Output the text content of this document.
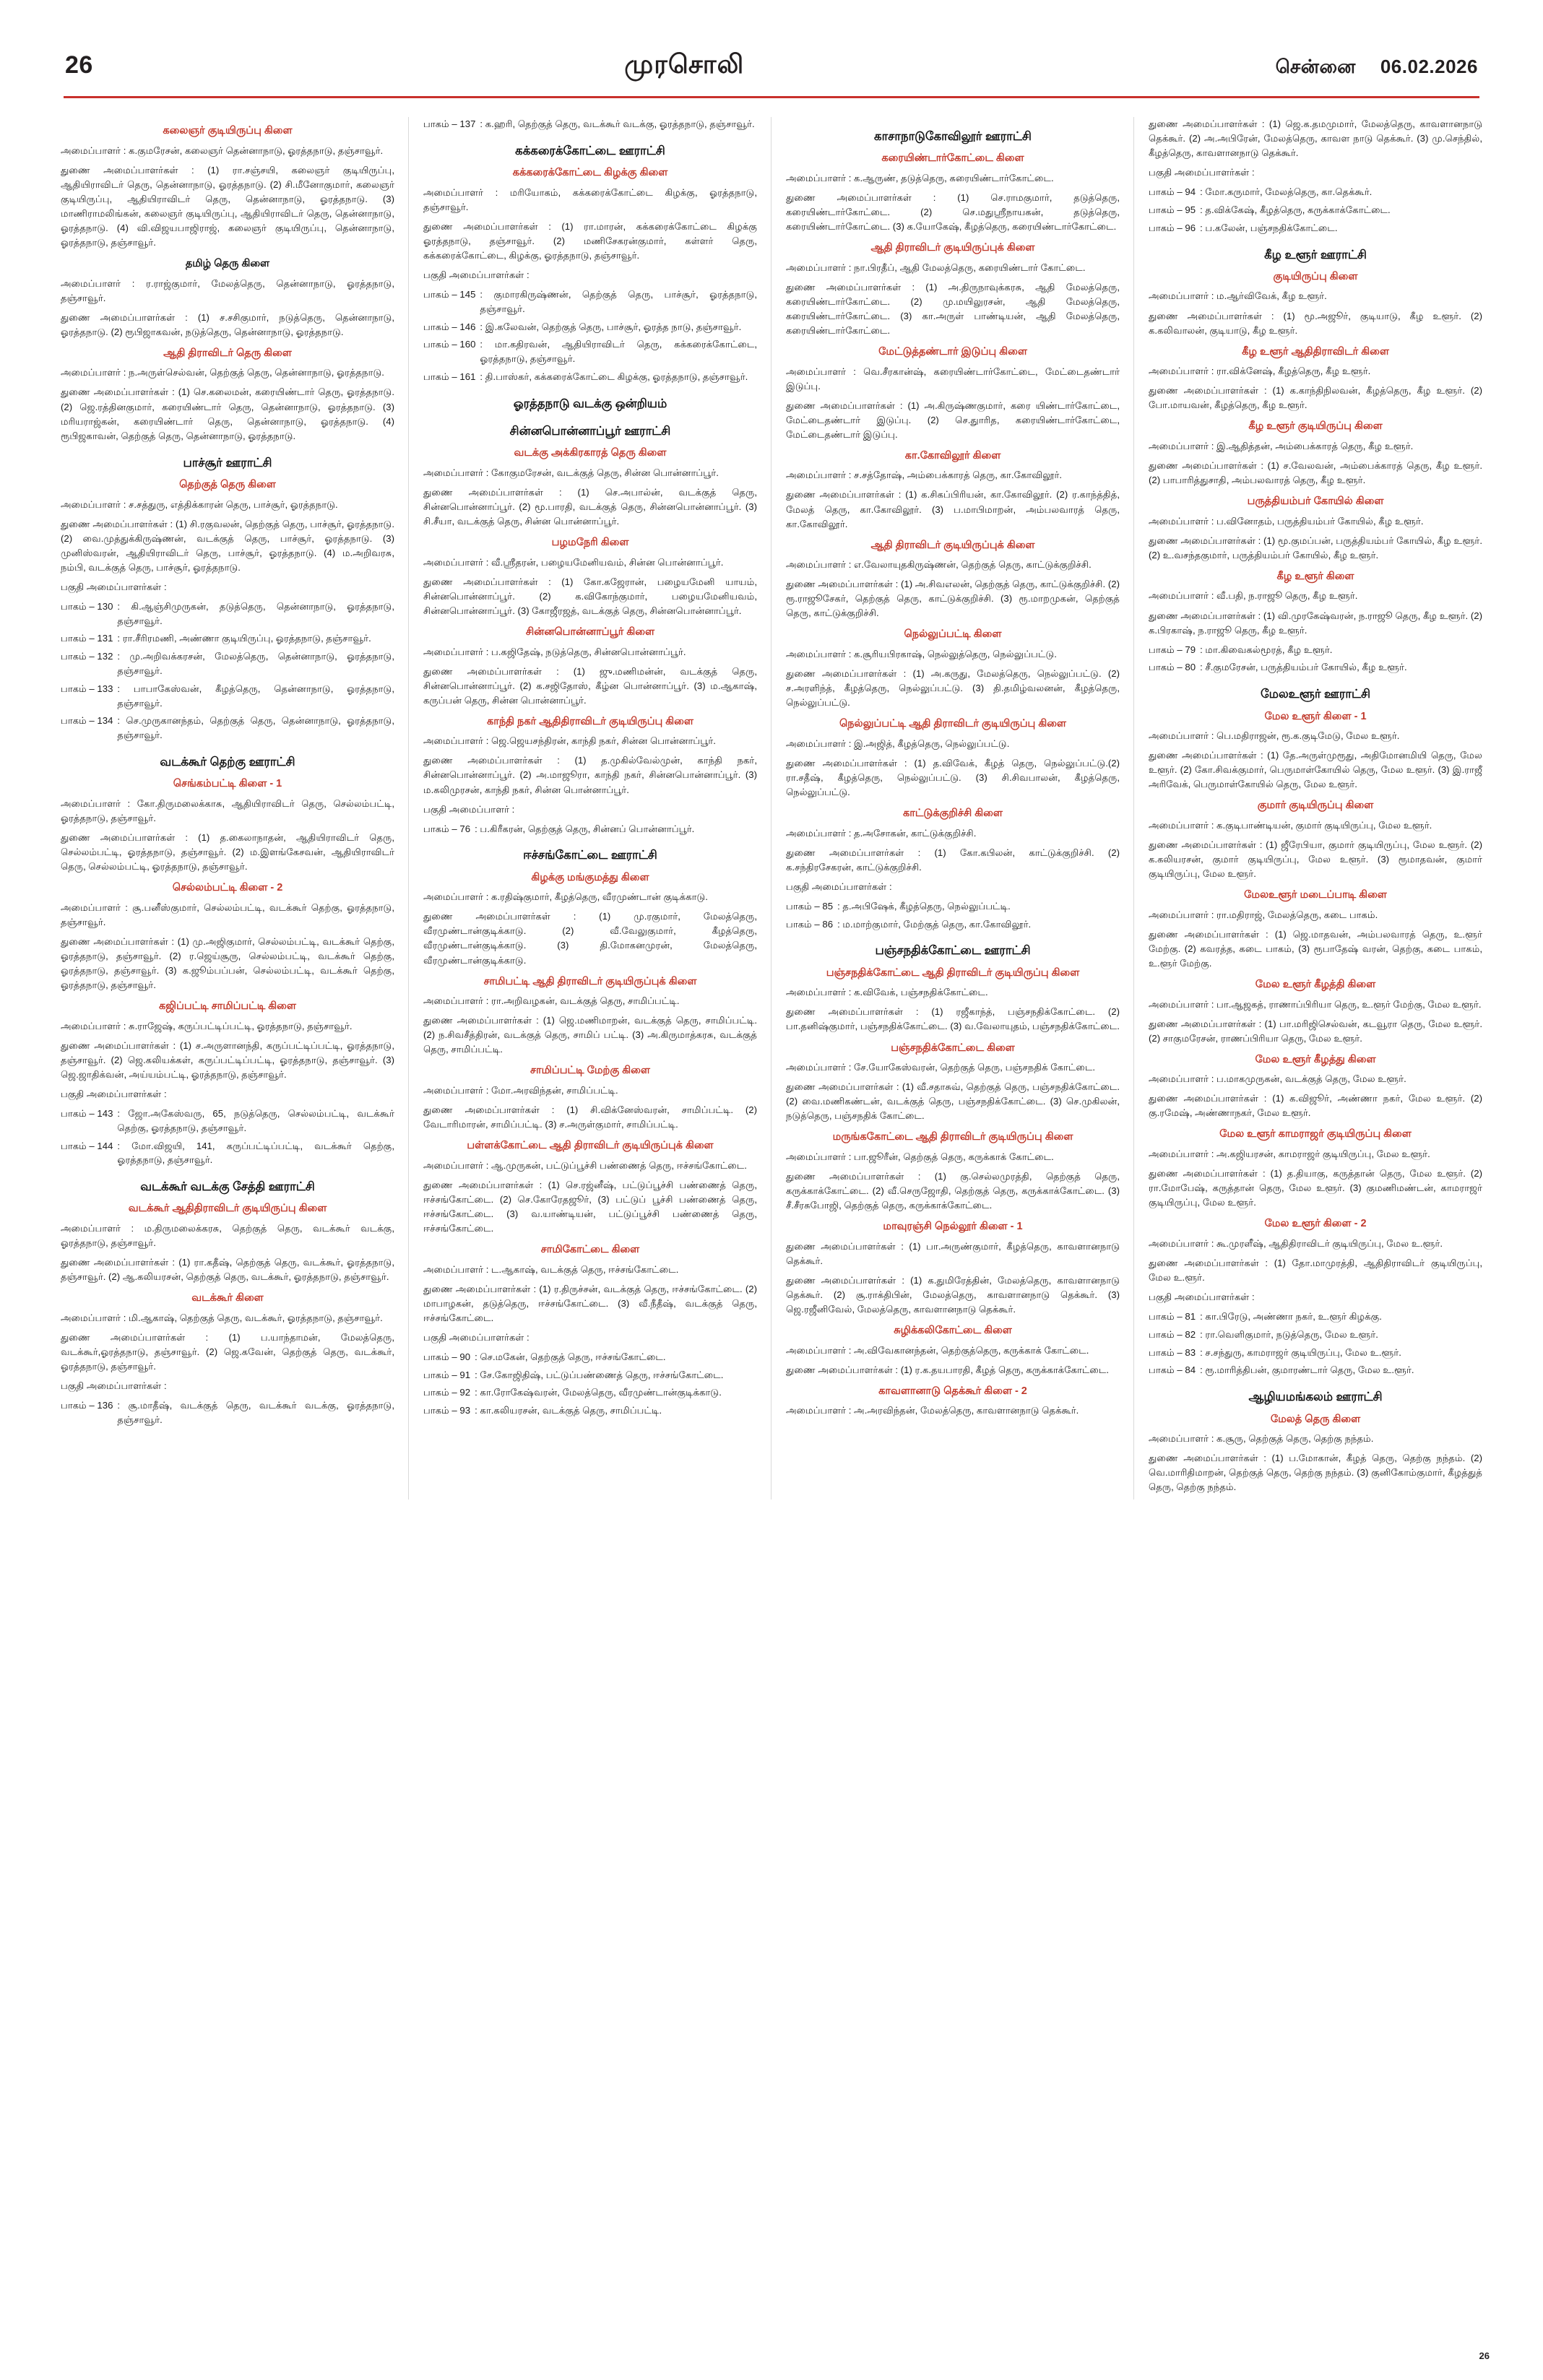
26	முரசொலி	சென்னை 06.02.2026
கலைஞர் குடியிருப்பு கிளை

அமைப்பாளர் : க.குமரேசன், கலைஞர் தென்னாநாடு, ஓரத்தநாடு, தஞ்சாவூர்.

துணை அமைப்பாளர்கள் : (1) ரா.சஞ்சயி, கலைஞர் குடியிருப்பு, ஆதியிராவிடர் தெரு, தென்னாநாடு, ஓரத்தநாடு. (2) சி.மீனோகுமார், கலைஞர் குடியிருப்பு, ஆதியிராவிடர் தெரு, தென்னாநாடு, ஓரத்தநாடு. (3) மாணிராமலிங்கன், கலைஞர் குடியிருப்பு, ஆதியிராவிடர் தெரு, தென்னாநாடு, ஓரத்தநாடு. (4) வி.விஜயபாஜிராஜ், கலைஞர் குடியிருப்பு, தென்னாநாடு, ஓரத்தநாடு, தஞ்சாவூர்.

தமிழ் தெரு கிளை

அமைப்பாளர் : ர.ராஜ்குமார், மேலத்தெரு, தென்னாநாடு, ஓரத்தநாடு, தஞ்சாவூர்.

துணை அமைப்பாளர்கள் : (1) ச.சசிகுமார், நடுத்தெரு, தென்னாநாடு, ஓரத்தநாடு. (2) ரூபிஜாகவன், நடுத்தெரு, தென்னாநாடு, ஓரத்தநாடு.

ஆதி திராவிடர் தெரு கிளை

அமைப்பாளர் : ந.அருள்செல்வன், தெற்குத் தெரு, தென்னாநாடு, ஓரத்தநாடு.

துணை அமைப்பாளர்கள் : (1) செ.கலைமன், கரையிண்டார் தெரு, ஓரத்தநாடு. (2) ஜெ.ரத்தினகுமார், கரையிண்டார் தெரு, தென்னாநாடு, ஓரத்தநாடு. (3) மரியராஜ்கன், கரையிண்டார் தெரு, தென்னாநாடு, ஓரத்தநாடு. (4) ரூபிஜகாவன், தெற்குத் தெரு, தென்னாநாடு, ஓரத்தநாடு.

பாச்சூர் ஊராட்சி
தெற்குத் தெரு கிளை

அமைப்பாளர் : ச.சத்துரு, எத்திக்காரன் தெரு, பாச்சூர், ஓரத்தநாடு.

துணை அமைப்பாளர்கள் : (1) சி.ரகுவலன், தெற்குத் தெரு, பாச்சூர், ஓரத்தநாடு. (2) வை.முத்துக்கிருஷ்ணன், வடக்குத் தெரு, பாச்சூர், ஓரத்தநாடு. (3) முனிஸ்வரன், ஆதியிராவிடர் தெரு, பாச்சூர், ஓரத்தநாடு. (4) ம.அறிவரசு, நம்பி, வடக்குத் தெரு, பாச்சூர், ஓரத்தநாடு.

பகுதி அமைப்பாளர்கள் :

பாகம் – 130 : கி.ஆஞ்சிமுருகன், தடுத்தெரு, தென்னாநாடு, ஓரத்தநாடு, தஞ்சாவூர்.
பாகம் – 131 : ரா.சீரிரமணி, அண்ணா குடியிருப்பு, ஓரத்தநாடு, தஞ்சாவூர்.
பாகம் – 132 : மு.அறிவக்கரசன், மேலத்தெரு, தென்னாநாடு, ஓரத்தநாடு, தஞ்சாவூர்.
பாகம் – 133 : பாபாகேஸ்வன், கீழத்தெரு, தென்னாநாடு, ஓரத்தநாடு, தஞ்சாவூர்.
பாகம் – 134 : செ.முருகானந்தம், தெற்குத் தெரு, தென்னாநாடு, ஓரத்தநாடு, தஞ்சாவூர்.
வடக்கூர் தெற்கு ஊராட்சி
செங்கம்பட்டி கிளை - 1

அமைப்பாளர் : கோ.திருமலைக்காசு, ஆதியிராவிடர் தெரு, செல்லம்பட்டி, ஓரத்தநாடு, தஞ்சாவூர்.

துணை அமைப்பாளர்கள் : (1) த.கைலாநாதன், ஆதியிராவிடர் தெரு, செல்லம்பட்டி, ஓரத்தநாடு, தஞ்சாவூர். (2) ம.இளங்கேசவன், ஆதியிராவிடர் தெரு, செல்லம்பட்டி, ஓரத்தநாடு, தஞ்சாவூர்.

செல்லம்பட்டி கிளை - 2

அமைப்பாளர் : சூ.பனீஸ்குமார், செல்லம்பட்டி, வடக்கூர் தெற்கு, ஓரத்தநாடு, தஞ்சாவூர்.

துணை அமைப்பாளர்கள் : (1) மு.அஜிகுமார், செல்லம்பட்டி, வடக்கூர் தெற்கு, ஓரத்தநாடு, தஞ்சாவூர். (2) ர.ஜெய்சூரு, செல்லம்பட்டி, வடக்கூர் தெற்கு, ஓரத்தநாடு, தஞ்சாவூர். (3) க.ஜூம்பப்பன், செல்லம்பட்டி, வடக்கூர் தெற்கு, ஓரத்தநாடு, தஞ்சாவூர்.

கஜிப்பட்டி சாமிப்பட்டி கிளை

அமைப்பாளர் : சு.ராஜேஷ், கருப்பட்டிப்பட்டி, ஓரத்தநாடு, தஞ்சாவூர்.

துணை அமைப்பாளர்கள் : (1) ச.அருளானந்தி, கருப்பட்டிப்பட்டி, ஓரத்தநாடு, தஞ்சாவூர். (2) ஜெ.கலியக்கள், கருப்பட்டிப்பட்டி, ஓரத்தநாடு, தஞ்சாவூர். (3) ஜெ.ஜாதிக்வன், அய்யம்பட்டி, ஓரத்தநாடு, தஞ்சாவூர்.

பகுதி அமைப்பாளர்கள் :

பாகம் – 143 : ஜோ.அகேஸ்வரு, 65, நடுத்தெரு, செல்லம்பட்டி, வடக்கூர் தெற்கு, ஓரத்தநாடு, தஞ்சாவூர்.
பாகம் – 144 : மோ.விஜயி, 141, கருப்பட்டிப்பட்டி, வடக்கூர் தெற்கு, ஓரத்தநாடு, தஞ்சாவூர்.
வடக்கூர் வடக்கு சேத்தி ஊராட்சி
வடக்கூர் ஆதிதிராவிடர் குடியிருப்பு கிளை

அமைப்பாளர் : ம.திருமலைக்கரசு, தெற்குத் தெரு, வடக்கூர் வடக்கு, ஓரத்தநாடு, தஞ்சாவூர்.

துணை அமைப்பாளர்கள் : (1) ரா.கதீஷ், தெற்குத் தெரு, வடக்கூர், ஓரத்தநாடு, தஞ்சாவூர். (2) ஆ.கலியரசன், தெற்குத் தெரு, வடக்கூர், ஓரத்தநாடு, தஞ்சாவூர்.

வடக்கூர் கிளை

அமைப்பாளர் : மி.ஆகாஷ், தெற்குத் தெரு, வடக்கூர், ஓரத்தநாடு, தஞ்சாவூர்.

துணை அமைப்பாளர்கள் : (1) ப.யாந்தாமன், மேலத்தெரு, வடக்கூர்,ஓரத்தநாடு, தஞ்சாவூர். (2) ஜெ.கவேன், தெற்குத் தெரு, வடக்கூர், ஓரத்தநாடு, தஞ்சாவூர்.

பகுதி அமைப்பாளர்கள் :

பாகம் – 136 : சூ.மாதீஷ், வடக்குத் தெரு, வடக்கூர் வடக்கு, ஓரத்தநாடு, தஞ்சாவூர்.
பாகம் – 137 : க.ஹரி, தெற்குத் தெரு, வடக்கூர் வடக்கு, ஓரத்தநாடு, தஞ்சாவூர்.
கக்கரைக்கோட்டை ஊராட்சி
கக்கரைக்கோட்டை கிழக்கு கிளை

அமைப்பாளர் : மரியோகம், கக்கரைக்கோட்டை கிழக்கு, ஓரத்தநாடு, தஞ்சாவூர்.

துணை அமைப்பாளர்கள் : (1) ரா.மாரன், கக்கரைக்கோட்டை கிழக்கு ஓரத்தநாடு, தஞ்சாவூர். (2) மணிசேகரன்குமார், கள்ளர் தெரு, கக்கரைக்கோட்டை, கிழக்கு, ஓரத்தநாடு, தஞ்சாவூர்.

பகுதி அமைப்பாளர்கள் :

பாகம் – 145 : குமாரகிருஷ்ணன், தெற்குத் தெரு, பாச்சூர், ஓரத்தநாடு, தஞ்சாவூர்.
பாகம் – 146 : இ.கலேவன், தெற்குத் தெரு, பாச்சூர், ஓரத்த நாடு, தஞ்சாவூர்.
பாகம் – 160 : மா.கதிரவன், ஆதியிராவிடர் தெரு, கக்கரைக்கோட்டை, ஓரத்தநாடு, தஞ்சாவூர்.
பாகம் – 161 : தி.பாஸ்கர், கக்கரைக்கோட்டை கிழக்கு, ஓரத்தநாடு, தஞ்சாவூர்.
ஓரத்தநாடு வடக்கு ஒன்றியம்
சின்னபொன்னாப்பூர் ஊராட்சி
வடக்கு அக்கிரகாரத் தெரு கிளை

அமைப்பாளர் : கோகுமரேசன், வடக்குத் தெரு, சின்ன பொன்னாப்பூர்.

துணை அமைப்பாளர்கள் : (1) செ.அபால்ன், வடக்குத் தெரு, சின்னபொன்னாப்பூர். (2) மூ.பாரதி, வடக்குத் தெரு, சின்னபொன்னாப்பூர். (3) சி.சீயா, வடக்குத் தெரு, சின்ன பொன்னாப்பூர்.

பழமநேரி கிளை

அமைப்பாளர் : வீ.ஸ்ரீதரன், பழையமேனியவம், சின்ன பொன்னாப்பூர்.

துணை அமைப்பாளர்கள் : (1) கோ.கஜேரான், பழையமேனி யாயம், சின்னபொன்னாப்பூர். (2) க.விகோந்குமார், பழையமேனியவம், சின்னபொன்னாப்பூர். (3) கோஜீரஜத், வடக்குத் தெரு, சின்னபொன்னாப்பூர்.

சின்னபொன்னாப்பூர் கிளை

அமைப்பாளர் : ப.கஜிதேஷ், நடுத்தெரு, சின்னபொன்னாப்பூர்.

துணை அமைப்பாளர்கள் : (1) ஜு.மணிமன்ன், வடக்குத் தெரு, சின்னபொன்னாப்பூர். (2) க.சஜிதோஸ், கீழ்ன பொன்னாப்பூர். (3) ம.ஆகாஷ், கருப்பன் தெரு, சின்ன பொன்னாப்பூர்.

காந்தி நகர் ஆதிதிராவிடர் குடியிருப்பு கிளை

அமைப்பாளர் : ஜெ.ஜெயசந்திரன், காந்தி நகர், சின்ன பொன்னாப்பூர்.

துணை அமைப்பாளர்கள் : (1) த.முகில்வேல்முன், காந்தி நகர், சின்னபொன்னாப்பூர். (2) அ.மாஜூரா, காந்தி நகர், சின்னபொன்னாப்பூர். (3) ம.கலிமுரசன், காந்தி நகர், சின்ன பொன்னாப்பூர்.

பகுதி அமைப்பாளர் :

பாகம் – 76 : ப.கிரீகரன், தெற்குத் தெரு, சின்னப் பொன்னாப்பூர்.
ஈச்சங்கோட்டை ஊராட்சி
கிழக்கு மங்குமத்து கிளை

அமைப்பாளர் : க.ரதிஷ்குமார், கீழத்தெரு, வீரமுண்டான் குடிக்காடு.

துணை அமைப்பாளர்கள் : (1) மு.ரகுமார், மேலத்தெரு, வீரமுண்டான்குடிக்காடு. (2) வீ.வேலுகுமார், கீழத்தெரு, வீரமுண்டான்குடிக்காடு. (3) தி.மோகனமுரன், மேலத்தெரு, வீரமுண்டான்குடிக்காடு.

சாமிபட்டி ஆதி திராவிடர் குடியிருப்புக் கிளை

அமைப்பாளர் : ரா.அறிவழகன், வடக்குத் தெரு, சாமிப்பட்டி.

துணை அமைப்பாளர்கள் : (1) ஜெ.மணிமாறன், வடக்குத் தெரு, சாமிப்பட்டி. (2) ந.சிவசீத்திரன், வடக்குத் தெரு, சாமிப் பட்டி. (3) அ.கிருமாத்கரசு, வடக்குத் தெரு, சாமிப்பட்டி.

சாமிப்பட்டி மேற்கு கிளை

அமைப்பாளர் : மோ.அரவிந்தன், சாமிப்பட்டி.

துணை அமைப்பாளர்கள் : (1) சி.விக்னேஸ்வரன், சாமிப்பட்டி. (2) வேடாரிமாரன், சாமிப்பட்டி. (3) ச.அருள்குமார், சாமிப்பட்டி.

பள்ளக்கோட்டை ஆதி திராவிடர் குடியிருப்புக் கிளை

அமைப்பாளர் : ஆ.முருகன், பட்டுப்பூச்சி பண்ணைத் தெரு, ஈச்சங்கோட்டை.

துணை அமைப்பாளர்கள் : (1) செ.ரஜ்னீஷ், பட்டுப்பூச்சி பண்ணைத் தெரு, ஈச்சங்கோட்டை. (2) செ.கோரேதஜூர், (3) பட்டுப் பூச்சி பண்ணைத் தெரு, ஈச்சங்கோட்டை. (3) வ.யாண்டியன், பட்டுப்பூச்சி பண்ணைத் தெரு, ஈச்சங்கோட்டை.

சாமிகோட்டை கிளை

அமைப்பாளர் : ட.ஆகாஷ், வடக்குத் தெரு, ஈச்சங்கோட்டை.

துணை அமைப்பாளர்கள் : (1) ர.திருச்சன், வடக்குத் தெரு, ஈச்சங்கோட்டை. (2) மாபாழகன், தடுத்தெரு, ஈச்சங்கோட்டை. (3) வீ.நீதீஷ், வடக்குத் தெரு, ஈச்சங்கோட்டை.

பகுதி அமைப்பாளர்கள் :

பாகம் – 90 : செ.மகேன், தெற்குத் தெரு, ஈச்சங்கோட்டை.
பாகம் – 91 : சே.கோஜிதிஷ், பட்டுப்பண்ணைத் தெரு, ஈச்சங்கோட்டை.
பாகம் – 92 : கா.ரோகேஷ்வரன், மேலத்தெரு, வீரமுண்டான்குடிக்காடு.
பாகம் – 93 : கா.கலியரசன், வடக்குத் தெரு, சாமிப்பட்டி.
காசாநாடுகோவிலூர் ஊராட்சி
கரையிண்டார்கோட்டை கிளை

அமைப்பாளர் : க.ஆருண், தடுத்தெரு, கரையிண்டார்கோட்டை.

துணை அமைப்பாளர்கள் : (1) செ.ராமகுமார், தடுத்தெரு, கரையிண்டார்கோட்டை. (2) செ.மதுஸ்ரீநாயகன், தடுத்தெரு, கரையிண்டார்கோட்டை. (3) க.யோகேஷ், கீழத்தெரு, கரையிண்டார்கோட்டை.

ஆதி திராவிடர் குடியிருப்புக் கிளை

அமைப்பாளர் : நா.பிரதீப், ஆதி மேலத்தெரு, கரையிண்டார் கோட்டை.

துணை அமைப்பாளர்கள் : (1) அ.திருநாவுக்கரசு, ஆதி மேலத்தெரு, கரையிண்டார்கோட்டை. (2) மு.மயிலுரசன், ஆதி மேலத்தெரு, கரையிண்டார்கோட்டை. (3) கா.அருள் பாண்டியன், ஆதி மேலத்தெரு, கரையிண்டார்கோட்டை.

மேட்டுத்தண்டார் இடுப்பு கிளை

அமைப்பாளர் : வெ.சீரகான்ஷ், கரையிண்டார்கோட்டை, மேட்டைதண்டார் இடுப்பு.

துணை அமைப்பாளர்கள் : (1) அ.கிருஷ்ணகுமார், கரை யிண்டார்கோட்டை, மேட்டைதண்டார் இடுப்பு. (2) செ.துாரித, கரையிண்டார்கோட்டை, மேட்டைதண்டார் இடுப்பு.

கா.கோவிலூர் கிளை

அமைப்பாளர் : ச.சத்தோஷ், அம்பைக்காரத் தெரு, கா.கோவிலூர்.

துணை அமைப்பாளர்கள் : (1) க.சிகப்பிரியன், கா.கோவிலூர். (2) ர.காந்த்தித், மேலத் தெரு, கா.கோவிலூர். (3) ப.மாபிமாறன், அம்பலவாரத் தெரு, கா.கோவிலூர்.

ஆதி திராவிடர் குடியிருப்புக் கிளை

அமைப்பாளர் : எ.வேலாயுதகிருஷ்ணன், தெற்குத் தெரு, காட்டுக்குறிச்சி.

துணை அமைப்பாளர்கள் : (1) அ.சிவஎலன், தெற்குத் தெரு, காட்டுக்குறிச்சி. (2) ரூ.ராஜூசேகர், தெற்குத் தெரு, காட்டுக்குறிச்சி. (3) ரூ.மாறமுகன், தெற்குத் தெரு, காட்டுக்குறிச்சி.

நெல்லுப்பட்டி கிளை

அமைப்பாளர் : க.சூரியபிரகாஷ், நெல்லுத்தெரு, நெல்லுப்பட்டு.

துணை அமைப்பாளர்கள் : (1) அ.கருது, மேலத்தெரு, நெல்லுப்பட்டு. (2) ச.அரளிந்த், கீழத்தெரு, நெல்லுப்பட்டு. (3) தி.தமிழ்வலனன், கீழத்தெரு, நெல்லுப்பட்டு.

நெல்லுப்பட்டி ஆதி திராவிடர் குடியிருப்பு கிளை

அமைப்பாளர் : இ.அஜித், கீழத்தெரு, நெல்லுப்பட்டு.

துணை அமைப்பாளர்கள் : (1) த.விவேக், கீழத் தெரு, நெல்லுப்பட்டு.(2) ரா.சதீஷ், கீழத்தெரு, நெல்லுப்பட்டு. (3) சி.சிவபாலன், கீழத்தெரு, நெல்லுப்பட்டு.

காட்டுக்குறிச்சி கிளை

அமைப்பாளர் : த.அசோகன், காட்டுக்குறிச்சி.

துணை அமைப்பாளர்கள் : (1) கோ.கபிலன், காட்டுக்குறிச்சி. (2) க.சந்திரசேகரன், காட்டுக்குறிச்சி.

பகுதி அமைப்பாளர்கள் :

பாகம் – 85 : த.அபிஷேக், கீழத்தெரு, நெல்லுப்பட்டி.
பாகம் – 86 : ம.மாற்குமார், மேற்குத் தெரு, கா.கோவிலூர்.
பஞ்சநதிக்கோட்டை ஊராட்சி
பஞ்சநதிக்கோட்டை ஆதி திராவிடர் குடியிருப்பு கிளை

அமைப்பாளர் : க.விவேக், பஞ்சநதிக்கோட்டை.

துணை அமைப்பாளர்கள் : (1) ரஜீகாந்த், பஞ்சநதிக்கோட்டை. (2) பா.தனிஷ்குமார், பஞ்சநதிக்கோட்டை. (3) வ.வேலாயுதம், பஞ்சநதிக்கோட்டை.

பஞ்சநதிக்கோட்டை கிளை

அமைப்பாளர் : சே.யோகேஸ்வரன், தெற்குத் தெரு, பஞ்சநதிக் கோட்டை.

துணை அமைப்பாளர்கள் : (1) வீ.சதாசுவ், தெற்குத் தெரு, பஞ்சநதிக்கோட்டை. (2) வை.மணிகண்டன், வடக்குத் தெரு, பஞ்சநதிக்கோட்டை. (3) செ.முகிலன், நடுத்தெரு, பஞ்சநதிக் கோட்டை.

மருங்ககோட்டை ஆதி திராவிடர் குடியிருப்பு கிளை

அமைப்பாளர் : பா.ஜூரீன், தெற்குத் தெரு, கருக்காக் கோட்டை.

துணை அமைப்பாளர்கள் : (1) கு.செல்லமுரத்தி, தெற்குத் தெரு, கருக்காக்கோட்டை. (2) வீ.செருஜோதி, தெற்குத் தெரு, கருக்காக்கோட்டை. (3) சீ.சீரசுபோஜி, தெற்குத் தெரு, கருக்காக்கோட்டை.

மாவுரஞ்சி நெல்லூர் கிளை - 1

துணை அமைப்பாளர்கள் : (1) பா.அருண்குமார், கீழத்தெரு, காவளானநாடு தெக்கூர்.

துணை அமைப்பாளர்கள் : (1) க.துமிரேத்தின், மேலத்தெரு, காவளானநாடு தெக்கூர். (2) சூ.ராக்திபின், மேலத்தெரு, காவளானநாடு தெக்கூர். (3) ஜெ.ரஜீனிவேல், மேலத்தெரு, காவளானநாடு தெக்கூர்.

சுழிக்கலிகோட்டை கிளை

அமைப்பாளர் : அ.விவேகானந்தன், தெற்குத்தெரு, கருக்காக் கோட்டை.

துணை அமைப்பாளர்கள் : (1) ர.க.தயபாரதி, கீழத் தெரு, கருக்காக்கோட்டை.

காவளானாடு தெக்கூர் கிளை - 2

அமைப்பாளர் : அ.அரவிந்தன், மேலத்தெரு, காவளானநாடு தெக்கூர்.

துணை அமைப்பாளர்கள் : (1) ஜெ.க.தமமுமார், மேலத்தெரு, காவளானநாடு தெக்கூர். (2) அ.அபிரேன், மேலத்தெரு, காவள நாடு தெக்கூர். (3) மு.செந்தில், கீழத்தெரு, காவளானநாடு தெக்கூர்.

பகுதி அமைப்பாளர்கள் :

பாகம் – 94 : மோ.கருமார், மேலத்தெரு, கா.தெக்கூர்.
பாகம் – 95 : த.விக்கேஷ், கீழத்தெரு, கருக்காக்கோட்டை.
பாகம் – 96 : ப.கலேன், பஞ்சநதிக்கோட்டை.
கீழ உளூர் ஊராட்சி
குடியிருப்பு கிளை

அமைப்பாளர் : ம.ஆர்விவேக், கீழ உளூர்.

துணை அமைப்பாளர்கள் : (1) மூ.அஜூர், குடியாடு, கீழ உளூர். (2) க.கலிவாலன், குடியாடு, கீழ உளூர்.

கீழ உளூர் ஆதிதிராவிடர் கிளை

அமைப்பாளர் : ரா.விக்னேஷ், கீழத்தெரு, கீழ உளூர்.

துணை அமைப்பாளர்கள் : (1) க.காந்திநிலவன், கீழத்தெரு, கீழ உளூர். (2) போ.மாயவன், கீழத்தெரு, கீழ உளூர்.

கீழ உளூர் குடியிருப்பு கிளை

அமைப்பாளர் : இ.ஆதித்தன், அம்பைக்காரத் தெரு, கீழ உளூர்.

துணை அமைப்பாளர்கள் : (1) ச.வேலவன், அம்பைக்காரத் தெரு, கீழ உளூர். (2) பாபாரித்துசாதி, அம்பலவாரத் தெரு, கீழ உளூர்.

பருத்தியம்பர் கோயில் கிளை

அமைப்பாளர் : ப.வினோதம், பருத்தியம்பர் கோயில், கீழ உளூர்.

துணை அமைப்பாளர்கள் : (1) மூ.குமப்பன், பருத்தியம்பர் கோயில், கீழ உளூர். (2) உ.வசந்தகுமார், பருத்தியம்பர் கோயில், கீழ உளூர்.

கீழ உளூர் கிளை

அமைப்பாளர் : வீ.பதி, ந.ராஜூ தெரு, கீழ உளூர்.

துணை அமைப்பாளர்கள் : (1) வி.முரகேஷ்வரன், ந.ராஜூ தெரு, கீழ உளூர். (2) க.பிரகாஷ், ந.ராஜூ தெரு, கீழ உளூர்.

பாகம் – 79 : மா.கிவைகல்மூரத், கீழ உளூர்.
பாகம் – 80 : சீ.குமரேசன், பருத்தியம்பர் கோயில், கீழ உளூர்.
மேலஉளூர் ஊராட்சி
மேல உளூர் கிளை - 1

அமைப்பாளர் : பெ.மதிராஜன், ரூ.க.குடிமேடு, மேல உளூர்.

துணை அமைப்பாளர்கள் : (1) தே.அருள்முரூது, அதிமோனமியி தெரு, மேல உளூர். (2) கோ.சிவக்குமார், பெருமாள்கோயில் தெரு, மேல உளூர். (3) இ.ராஜீ அரிவேக், பெருமாள்கோயில் தெரு, மேல உளூர்.

குமார் குடியிருப்பு கிளை

அமைப்பாளர் : க.குடிபாண்டியன், குமார் குடியிருப்பு, மேல உளூர்.

துணை அமைப்பாளர்கள் : (1) ஜீரேபியா, குமார் குடியிருப்பு, மேல உளூர். (2) க.கலியரசன், குமார் குடியிருப்பு, மேல உளூர். (3) ரூமாதவன், குமார் குடியிருப்பு, மேல உளூர்.

மேலஉளூர் மடைப்பாடி கிளை

அமைப்பாளர் : ரா.மதிராஜ், மேலத்தெரு, கடை பாகம்.

துணை அமைப்பாளர்கள் : (1) ஜெ.மாதவன், அம்பலவாரத் தெரு, உ.ளூர் மேற்கு. (2) கவரத்த, கடை பாகம், (3) ரூபாதேஷ் வரன், தெற்கு, கடை பாகம், உ.ளூர் மேற்கு.

மேல உளூர் கீழத்தி கிளை

அமைப்பாளர் : பா.ஆஜகத், ராணாப்பிரியா தெரு, உ.ளூர் மேற்கு, மேல உளூர்.

துணை அமைப்பாளர்கள் : (1) பா.மரிஜிசெல்வன், கடவூரா தெரு, மேல உளூர். (2) சாகுமரேசன், ராணப்பிரியா தெரு, மேல உளூர்.

மேல உளூர் கீழத்து கிளை

அமைப்பாளர் : ப.மாகமுருகன், வடக்குத் தெரு, மேல உளூர்.

துணை அமைப்பாளர்கள் : (1) க.விஜூர், அண்ணா நகர், மேல உளூர். (2) கு.ரமேஷ், அண்ணாநகர், மேல உளூர்.

மேல உளூர் காமராஜர் குடியிருப்பு கிளை

அமைப்பாளர் : அ.கஜியரசன், காமராஜர் குடியிருப்பு, மேல உளூர்.

துணை அமைப்பாளர்கள் : (1) த.தியாகு, கருத்தான் தெரு, மேல உளூர். (2) ரா.மோபேஷ், கருத்தான் தெரு, மேல உளூர். (3) குமணிமண்டன், காமராஜர் குடியிருப்பு, மேல உளூர்.

மேல உளூர் கிளை - 2

அமைப்பாளர் : கூ.முரளீஷ், ஆதிதிராவிடர் குடியிருப்பு, மேல உ.ளூர்.

துணை அமைப்பாளர்கள் : (1) தோ.மாமுரத்தி, ஆதிதிராவிடர் குடியிருப்பு, மேல உ.ளூர்.

பகுதி அமைப்பாளர்கள் :

பாகம் – 81 : கா.பிரேடு, அண்ணா நகர், உ.ளூர் கிழக்கு.
பாகம் – 82 : ரா.வெளிகுமார், நடுத்தெரு, மேல உளூர்.
பாகம் – 83 : ச.சந்துரு, காமராஜர் குடியிருப்பு, மேல உ.ளூர்.
பாகம் – 84 : ரூ.மாரித்திபன், குமாரண்டார் தெரு, மேல உ.ளூர்.
ஆழியமங்கலம் ஊராட்சி
மேலத் தெரு கிளை

அமைப்பாளர் : க.சூரு, தெற்குத் தெரு, தெற்கு நந்தம்.

துணை அமைப்பாளர்கள் : (1) ப.மோகான், கீழத் தெரு, தெற்கு நந்தம். (2) வெ.மாரிதிமாறன், தெற்குத் தெரு, தெற்கு நந்தம். (3) குனிகோம்குமார், கீழத்துத் தெரு, தெற்கு நந்தம்.

26
